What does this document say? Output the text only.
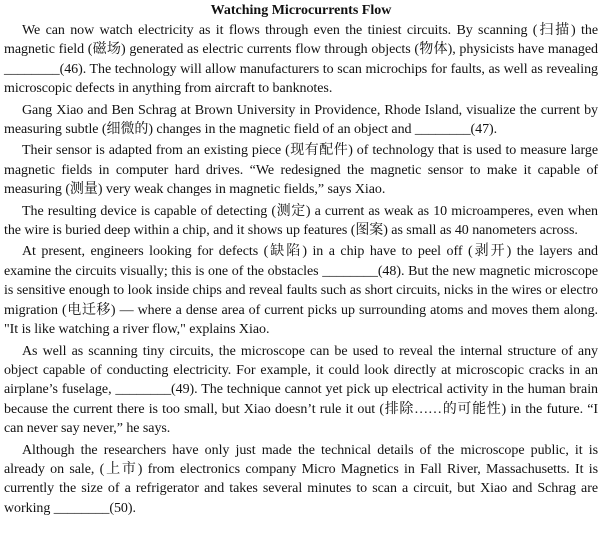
Watching Microcurrents Flow

We can now watch electricity as it flows through even the tiniest circuits. By scanning (扫描) the magnetic field (磁场) generated as electric currents flow through objects (物体), physicists have managed ________(46). The technology will allow manufacturers to scan microchips for faults, as well as revealing microscopic defects in anything from aircraft to banknotes.

Gang Xiao and Ben Schrag at Brown University in Providence, Rhode Island, visualize the current by measuring subtle (细微的) changes in the magnetic field of an object and ________(47).

Their sensor is adapted from an existing piece (现有配件) of technology that is used to measure large magnetic fields in computer hard drives. “We redesigned the magnetic sensor to make it capable of measuring (测量) very weak changes in magnetic fields,” says Xiao.

The resulting device is capable of detecting (测定) a current as weak as 10 microamperes, even when the wire is buried deep within a chip, and it shows up features (图案) as small as 40 nanometers across.

At present, engineers looking for defects (缺陷) in a chip have to peel off (剥开) the layers and examine the circuits visually; this is one of the obstacles ________(48). But the new magnetic microscope is sensitive enough to look inside chips and reveal faults such as short circuits, nicks in the wires or electro migration (电迁移) — where a dense area of current picks up surrounding atoms and moves them along. "It is like watching a river flow," explains Xiao.

As well as scanning tiny circuits, the microscope can be used to reveal the internal structure of any object capable of conducting electricity. For example, it could look directly at microscopic cracks in an airplane’s fuselage, ________(49). The technique cannot yet pick up electrical activity in the human brain because the current there is too small, but Xiao doesn’t rule it out (排除……的可能性) in the future. “I can never say never,” he says.

Although the researchers have only just made the technical details of the microscope public, it is already on sale, (上市) from electronics company Micro Magnetics in Fall River, Massachusetts. It is currently the size of a refrigerator and takes several minutes to scan a circuit, but Xiao and Schrag are working ________(50).
